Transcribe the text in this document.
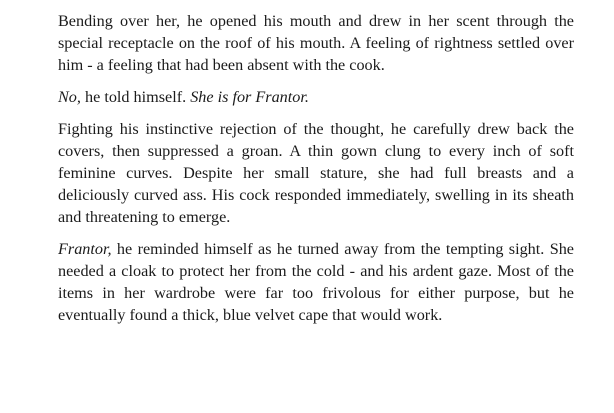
Bending over her, he opened his mouth and drew in her scent through the special receptacle on the roof of his mouth. A feeling of rightness settled over him - a feeling that had been absent with the cook.

No, he told himself. She is for Frantor.

Fighting his instinctive rejection of the thought, he carefully drew back the covers, then suppressed a groan. A thin gown clung to every inch of soft feminine curves. Despite her small stature, she had full breasts and a deliciously curved ass. His cock responded immediately, swelling in its sheath and threatening to emerge.

Frantor, he reminded himself as he turned away from the tempting sight. She needed a cloak to protect her from the cold - and his ardent gaze. Most of the items in her wardrobe were far too frivolous for either purpose, but he eventually found a thick, blue velvet cape that would work.
